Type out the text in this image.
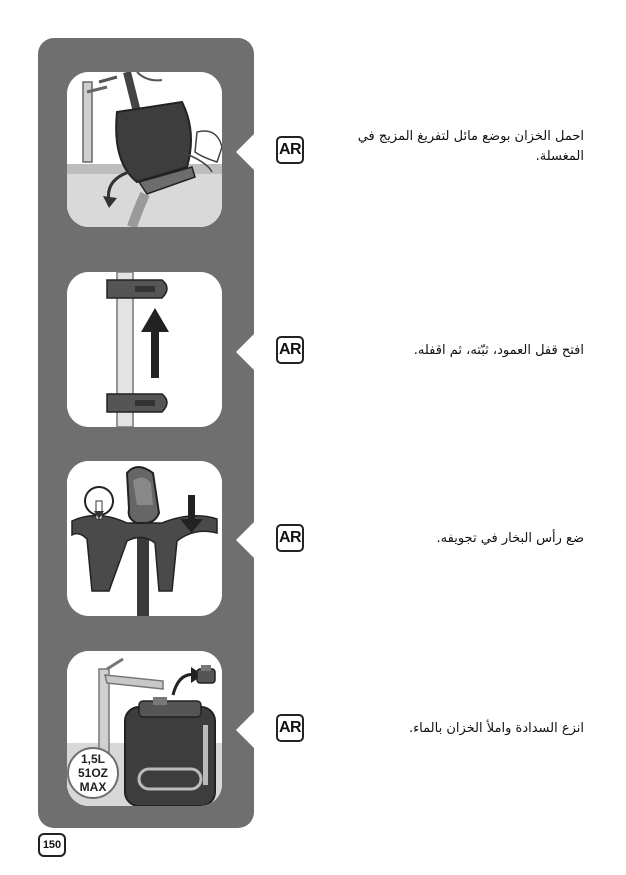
AR
احمل الخزان بوضع مائل لتفريغ المزيج في المغسلة.
AR	افتح قفل العمود، ثبّته، ثم اقفله.
AR	ضع رأس البخار في تجويفه.
1,5L
51OZ
MAX
AR	انزع السدادة واملأ الخزان بالماء.
150
